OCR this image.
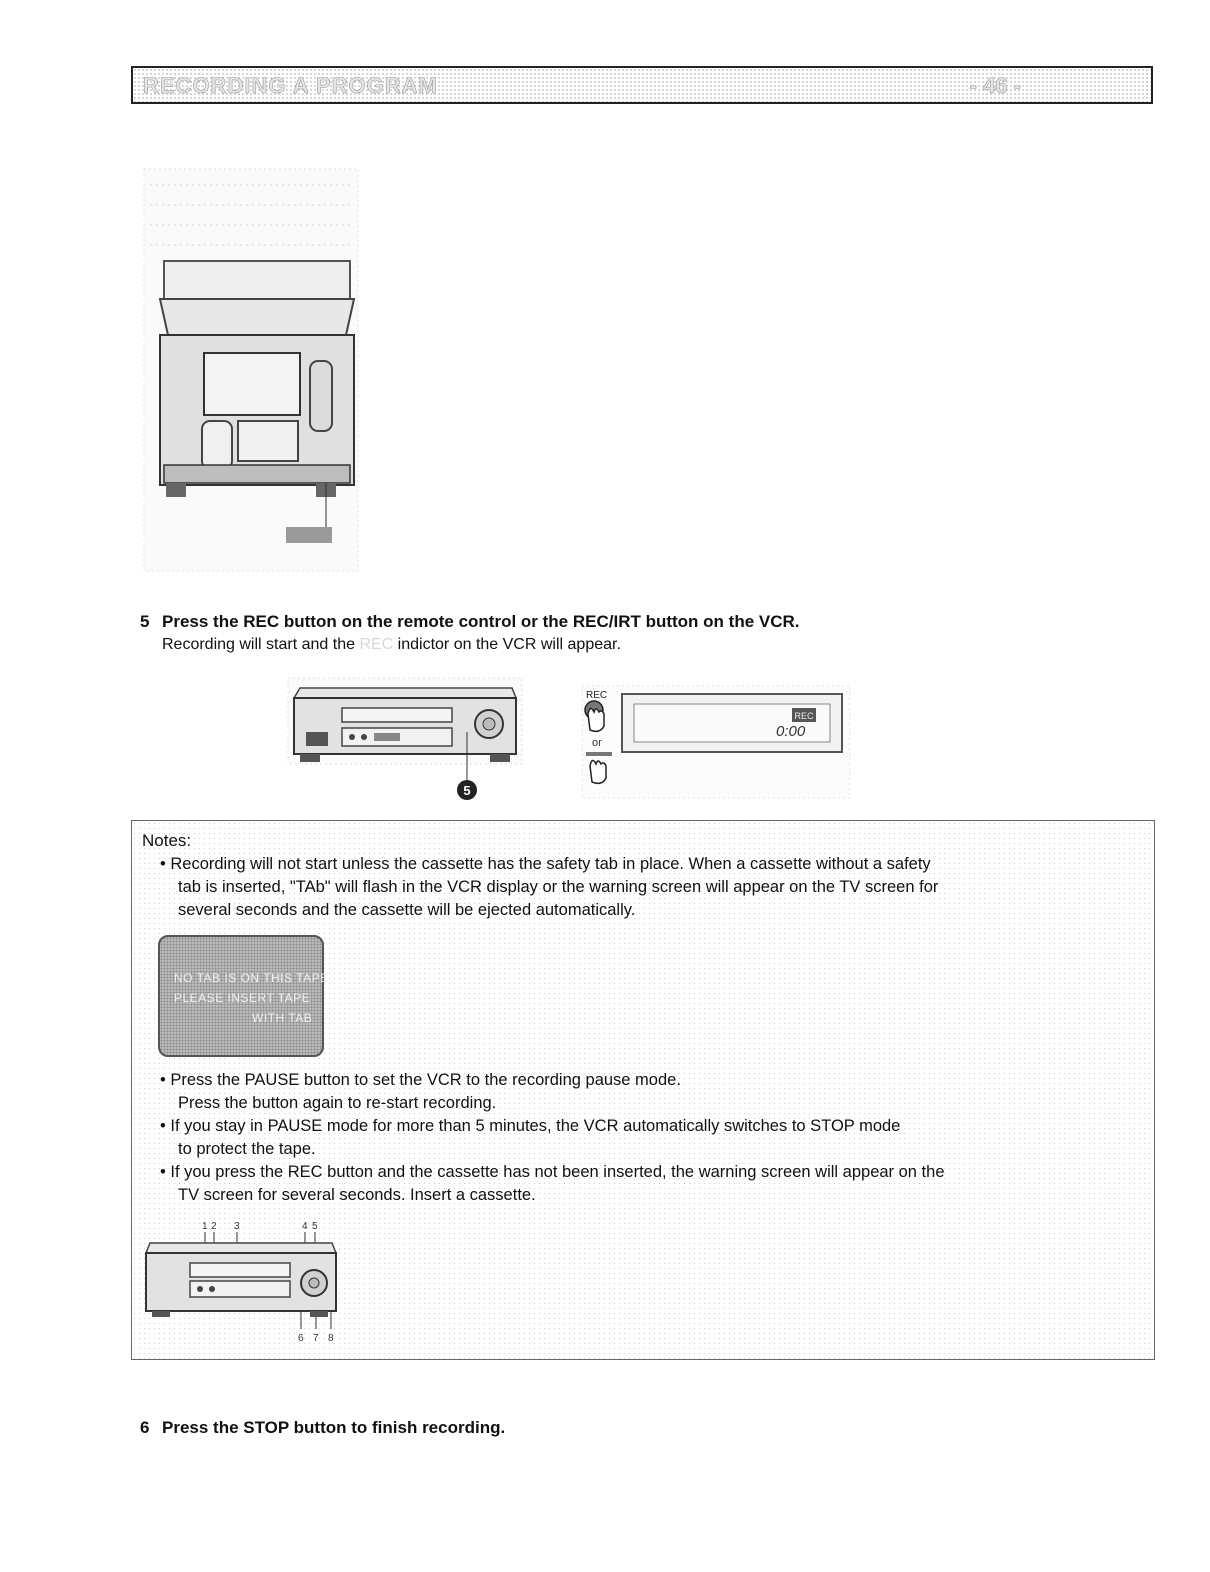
RECORDING A PROGRAM	- 46 -
5 Press the REC button on the remote control or the REC/IRT button on the VCR.
Recording will start and the REC indictor on the VCR will appear.
5
REC
or
REC
0:00
Notes:
• Recording will not start unless the cassette has the safety tab in place. When a cassette without a safety
tab is inserted, "TAb" will flash in the VCR display or the warning screen will appear on the TV screen for
several seconds and the cassette will be ejected automatically.
NO TAB IS ON THIS TAPE
PLEASE INSERT TAPE
WITH TAB
• Press the PAUSE button to set the VCR to the recording pause mode.
Press the button again to re-start recording.
• If you stay in PAUSE mode for more than 5 minutes, the VCR automatically switches to STOP mode
to protect the tape.
• If you press the REC button and the cassette has not been inserted, the warning screen will appear on the
TV screen for several seconds. Insert a cassette.
1 2 3	4 5
6 7 8
6 Press the STOP button to finish recording.
